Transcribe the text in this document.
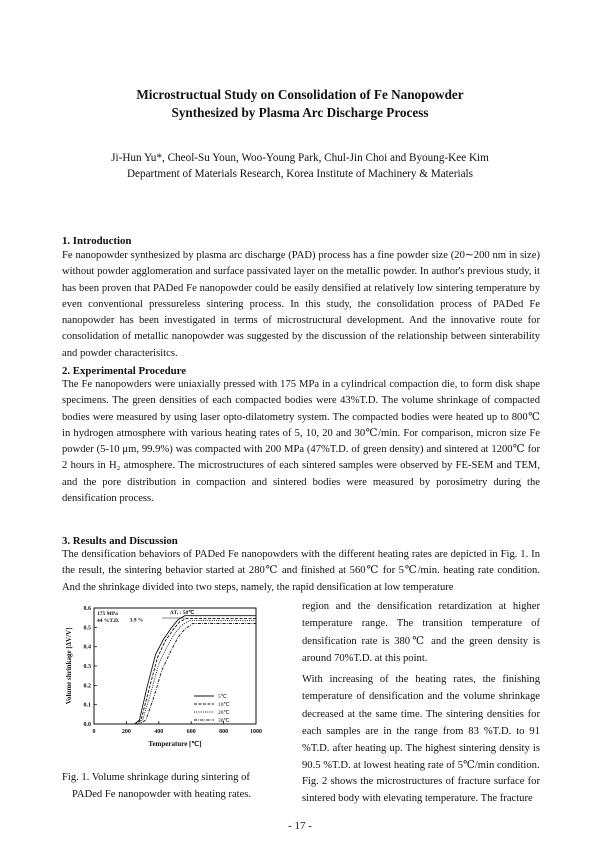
Microstructual Study on Consolidation of Fe Nanopowder
Synthesized by Plasma Arc Discharge Process
Ji-Hun Yu*, Cheol-Su Youn, Woo-Young Park, Chul-Jin Choi and Byoung-Kee Kim
Department of Materials Research, Korea Institute of Machinery & Materials
1. Introduction
Fe nanopowder synthesized by plasma arc discharge (PAD) process has a fine powder size (20∼200 nm in size) without powder agglomeration and surface passivated layer on the metallic powder. In author's previous study, it has been proven that PADed Fe nanopowder could be easily densified at relatively low sintering temperature by even conventional pressureless sintering process. In this study, the consolidation process of PADed Fe nanopowder has been investigated in terms of microstructural development. And the innovative route for consolidation of metallic nanopowder was suggested by the discussion of the relationship between sinterability and powder characterisitcs.
2. Experimental Procedure
The Fe nanopowders were uniaxially pressed with 175 MPa in a cylindrical compaction die, to form disk shape specimens. The green densities of each compacted bodies were 43%T.D. The volume shrinkage of compacted bodies were measured by using laser opto-dilatometry system. The compacted bodies were heated up to 800℃ in hydrogen atmosphere with various heating rates of 5, 10, 20 and 30℃/min. For comparison, micron size Fe powder (5-10 μm, 99.9%) was compacted with 200 MPa (47%T.D. of green density) and sintered at 1200℃ for 2 hours in H₂ atmosphere. The microstructures of each sintered samples were observed by FE-SEM and TEM, and the pore distribution in compaction and sintered bodies were measured by porosimetry during the densification process.
3. Results and Discussion
The densification behaviors of PADed Fe nanopowders with the different heating rates are depicted in Fig. 1. In the result, the sintering behavior started at 280℃ and finished at 560℃ for 5℃/min. heating rate condition. And the shrinkage divided into two steps, namely, the rapid densification at low temperature
region and the densification retardization at higher temperature range. The transition temperature of densification rate is 380℃ and the green density is around 70%T.D. at this point.
With increasing of the heating rates, the finishing temperature of densification and the volume shrinkage decreased at the same time. The sintering densities for each samples are in the range from 83 %T.D. to 91 %T.D. after heating up. The highest sintering density is 90.5 %T.D. at lowest heating rate of 5℃/min condition.
Fig. 2 shows the microstructures of fracture surface for sintered body with elevating temperature. The fracture
0	200	400	600	800	1000
0.0
0.1
0.2
0.3
0.4
0.5
0.6
Temperature [℃]
Volume shrinkage [ΔV/V]	5℃
10℃
20℃
30℃
175 MPa
44 %T.D. 3.9 %
ΔT, : 58℃
Fig. 1. Volume shrinkage during sintering of
PADed Fe nanopowder with heating rates.
- 17 -
